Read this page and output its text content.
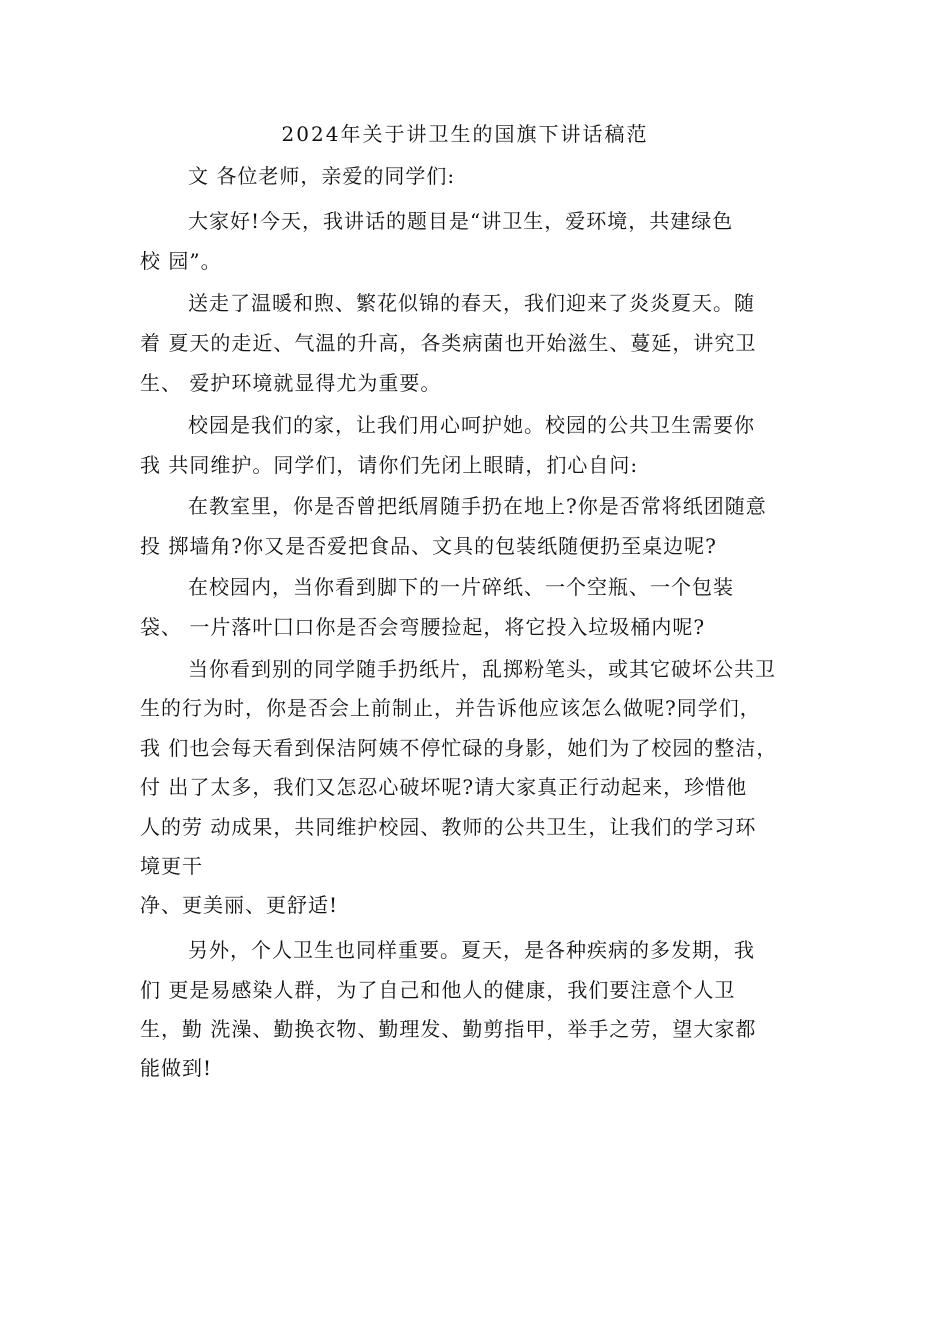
2024年关于讲卫生的国旗下讲话稿范
文 各位老师，亲爱的同学们:
大家好!今天，我讲话的题目是“讲卫生，爱环境，共建绿色
校 园”。
送走了温暖和煦、繁花似锦的春天，我们迎来了炎炎夏天。随
着 夏天的走近、气温的升高，各类病菌也开始滋生、蔓延，讲究卫
生、 爱护环境就显得尤为重要。
校园是我们的家，让我们用心呵护她。校园的公共卫生需要你
我 共同维护。同学们，请你们先闭上眼睛，扪心自问:
在教室里，你是否曾把纸屑随手扔在地上?你是否常将纸团随意
投 掷墙角?你又是否爱把食品、文具的包装纸随便扔至桌边呢?
在校园内，当你看到脚下的一片碎纸、一个空瓶、一个包装
袋、 一片落叶囗口你是否会弯腰捡起，将它投入垃圾桶内呢?
当你看到别的同学随手扔纸片，乱掷粉笔头，或其它破坏公共卫
生的行为时，你是否会上前制止，并告诉他应该怎么做呢?同学们，
我 们也会每天看到保洁阿姨不停忙碌的身影，她们为了校园的整洁，
付 出了太多，我们又怎忍心破坏呢?请大家真正行动起来，珍惜他
人的劳 动成果，共同维护校园、教师的公共卫生，让我们的学习环
境更干
净、更美丽、更舒适!
另外，个人卫生也同样重要。夏天，是各种疾病的多发期，我
们 更是易感染人群，为了自己和他人的健康，我们要注意个人卫
生，勤 洗澡、勤换衣物、勤理发、勤剪指甲，举手之劳，望大家都
能做到!
